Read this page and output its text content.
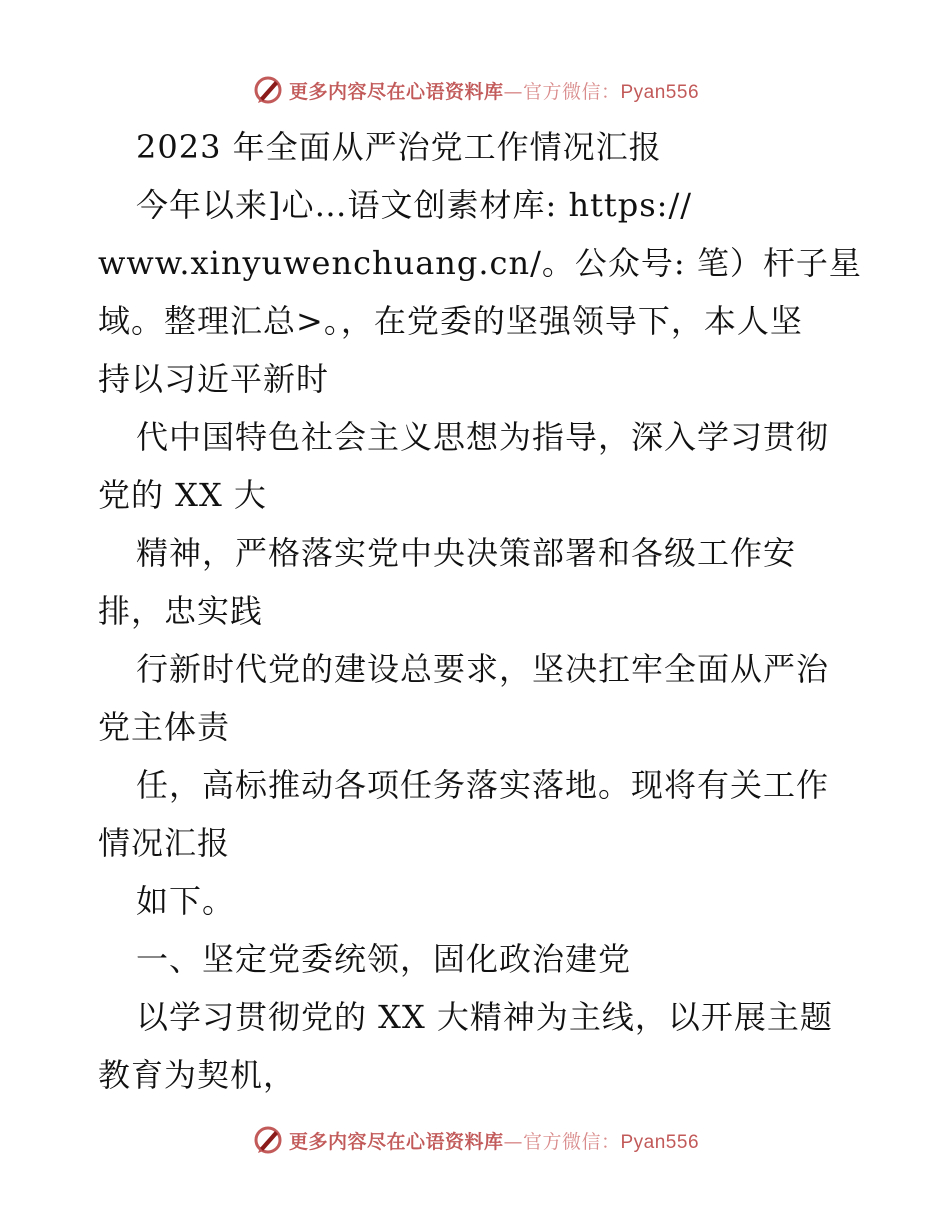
更多内容尽在心语资料库—官方微信：Pyan556
2023 年全面从严治党工作情况汇报
今年以来]心…语文创素材库: https://
www.xinyuwenchuang.cn/。公众号: 笔）杆子星
域。整理汇总>。，在党委的坚强领导下，本人坚
持以习近平新时
代中国特色社会主义思想为指导，深入学习贯彻
党的 XX 大
精神，严格落实党中央决策部署和各级工作安
排，忠实践
行新时代党的建设总要求，坚决扛牢全面从严治
党主体责
任，高标推动各项任务落实落地。现将有关工作
情况汇报
如下。
一、坚定党委统领，固化政治建党
以学习贯彻党的 XX 大精神为主线，以开展主题
教育为契机，
更多内容尽在心语资料库—官方微信：Pyan556
